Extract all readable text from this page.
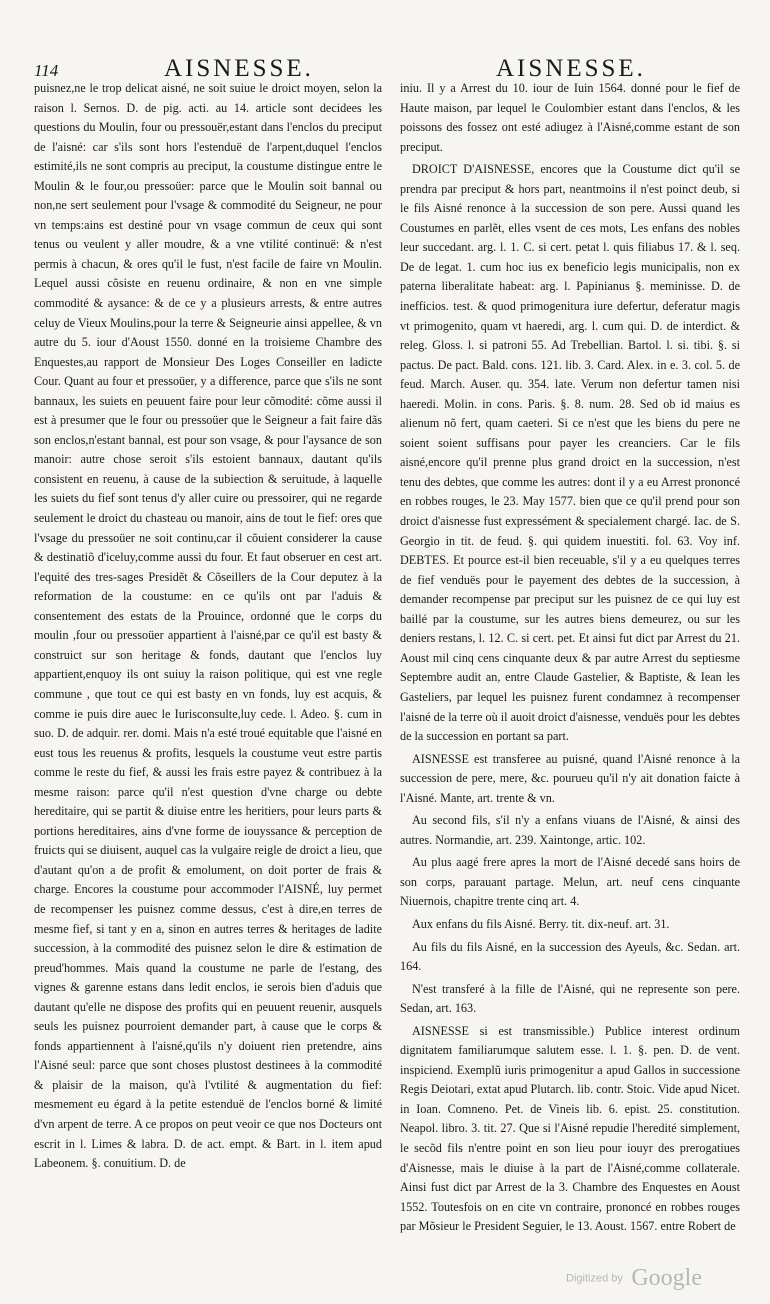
114	AISNESSE.	AISNESSE.

puisnez,ne le trop delicat aisné, ne soit suiue le droict moyen, selon la raison l. Sernos. D. de pig. acti. au 14. article sont decidees les questions du Moulin, four ou pressouër,estant dans l'enclos du preciput de l'aisné: car s'ils sont hors l'estenduë de l'arpent,duquel l'enclos estimité,ils ne sont compris au preciput, la coustume distingue entre le Moulin & le four,ou pressoüer: parce que le Moulin soit bannal ou non,ne sert seulement pour l'vsage & commodité du Seigneur, ne pour vn temps:ains est destiné pour vn vsage commun de ceux qui sont tenus ou veulent y aller moudre, & a vne vtilité continuë: & n'est permis à chacun, & ores qu'il le fust, n'est facile de faire vn Moulin. Lequel aussi cõsiste en reuenu ordinaire, & non en vne simple commodité & aysance: & de ce y a plusieurs arrests, & entre autres celuy de Vieux Moulins,pour la terre & Seigneurie ainsi appellee, & vn autre du 5. iour d'Aoust 1550. donné en la troisieme Chambre des Enquestes,au rapport de Monsieur Des Loges Conseiller en ladicte Cour. Quant au four et pressoüer, y a difference, parce que s'ils ne sont bannaux, les suiets en peuuent faire pour leur cõmodité: cõme aussi il est à presumer que le four ou pressoüer que le Seigneur a fait faire dãs son enclos,n'estant bannal, est pour son vsage, & pour l'aysance de son manoir: autre chose seroit s'ils estoient bannaux, dautant qu'ils consistent en reuenu, à cause de la subiection & seruitude, à laquelle les suiets du fief sont tenus d'y aller cuire ou pressoirer, qui ne regarde seulement le droict du chasteau ou manoir, ains de tout le fief: ores que l'vsage du pressoüer ne soit continu,car il cõuient considerer la cause & destinatiõ d'iceluy,comme aussi du four. Et faut obseruer en cest art. l'equité des tres-sages Presidẽt & Cõseillers de la Cour deputez à la reformation de la coustume: en ce qu'ils ont par l'aduis & consentement des estats de la Prouince, ordonné que le corps du moulin ,four ou pressoüer appartient à l'aisné,par ce qu'il est basty & construict sur son heritage & fonds, dautant que l'enclos luy appartient,enquoy ils ont suiuy la raison politique, qui est vne regle commune , que tout ce qui est basty en vn fonds, luy est acquis, & comme ie puis dire auec le Iurisconsulte,luy cede. l. Adeo. §. cum in suo. D. de adquir. rer. domi. Mais n'a esté troué equitable que l'aisné en eust tous les reuenus & profits, lesquels la coustume veut estre partis comme le reste du fief, & aussi les frais estre payez & contribuez à la mesme raison: parce qu'il n'est question d'vne charge ou debte hereditaire, qui se partit & diuise entre les heritiers, pour leurs parts & portions hereditaires, ains d'vne forme de iouyssance & perception de fruicts qui se diuisent, auquel cas la vulgaire reigle de droict a lieu, que d'autant qu'on a de profit & emolument, on doit porter de frais & charge. Encores la coustume pour accommoder l'AISNÉ, luy permet de recompenser les puisnez comme dessus, c'est à dire,en terres de mesme fief, si tant y en a, sinon en autres terres & heritages de ladite succession, à la commodité des puisnez selon le dire & estimation de preud'hommes. Mais quand la coustume ne parle de l'estang, des vignes & garenne estans dans ledit enclos, ie serois bien d'aduis que dautant qu'elle ne dispose des profits qui en peuuent reuenir, ausquels seuls les puisnez pourroient demander part, à cause que le corps & fonds appartiennent à l'aisné,qu'ils n'y doiuent rien pretendre, ains l'Aisné seul: parce que sont choses plustost destinees à la commodité & plaisir de la maison, qu'à l'vtilité & augmentation du fief: mesmement eu égard à la petite estenduë de l'enclos borné & limité d'vn arpent de terre. A ce propos on peut veoir ce que nos Docteurs ont escrit in l. Limes & labra. D. de act. empt. & Bart. in l. item apud Labeonem. §. conuitium. D. de

iniu. Il y a Arrest du 10. iour de Iuin 1564. donné pour le fief de Haute maison, par lequel le Coulombier estant dans l'enclos, & les poissons des fossez ont esté adiugez à l'Aisné,comme estant de son preciput.

DROICT D'AISNESSE, encores que la Coustume dict qu'il se prendra par preciput & hors part, neantmoins il n'est poinct deub, si le fils Aisné renonce à la succession de son pere. Aussi quand les Coustumes en parlẽt, elles vsent de ces mots, Les enfans des nobles leur succedant. arg. l. 1. C. si cert. petat l. quis filiabus 17. & l. seq. De de legat. 1. cum hoc ius ex beneficio legis municipalis, non ex paterna liberalitate habeat: arg. l. Papinianus §. meminisse. D. de inefficios. test. & quod primogenitura iure defertur, deferatur magis vt primogenito, quam vt haeredi, arg. l. cum qui. D. de interdict. & releg. Gloss. l. si patroni 55. Ad Trebellian. Bartol. l. si. tibi. §. si pactus. De pact. Bald. cons. 121. lib. 3. Card. Alex. in e. 3. col. 5. de feud. March. Auser. qu. 354. late. Verum non defertur tamen nisi haeredi. Molin. in cons. Paris. §. 8. num. 28. Sed ob id maius es alienum nõ fert, quam caeteri. Si ce n'est que les biens du pere ne soient soient suffisans pour payer les creanciers. Car le fils aisné,encore qu'il prenne plus grand droict en la succession, n'est tenu des debtes, que comme les autres: dont il y a eu Arrest prononcé en robbes rouges, le 23. May 1577. bien que ce qu'il prend pour son droict d'aisnesse fust expressément & specialement chargé. Iac. de S. Georgio in tit. de feud. §. qui quidem inuestiti. fol. 63. Voy inf. DEBTES. Et pource est-il bien receuable, s'il y a eu quelques terres de fief venduës pour le payement des debtes de la succession, à demander recompense par preciput sur les puisnez de ce qui luy est baillé par la coustume, sur les autres biens demeurez, ou sur les deniers restans, l. 12. C. si cert. pet. Et ainsi fut dict par Arrest du 21. Aoust mil cinq cens cinquante deux & par autre Arrest du septiesme Septembre audit an, entre Claude Gastelier, & Baptiste, & Iean les Gasteliers, par lequel les puisnez furent condamnez à recompenser l'aisné de la terre où il auoit droict d'aisnesse, venduës pour les debtes de la succession en portant sa part.

AISNESSE est transferee au puisné, quand l'Aisné renonce à la succession de pere, mere, &c. pourueu qu'il n'y ait donation faicte à l'Aisné. Mante, art. trente & vn.

Au second fils, s'il n'y a enfans viuans de l'Aisné, & ainsi des autres. Normandie, art. 239. Xaintonge, artic. 102.

Au plus aagé frere apres la mort de l'Aisné decedé sans hoirs de son corps, parauant partage. Melun, art. neuf cens cinquante Niuernois, chapitre trente cinq art. 4.

Aux enfans du fils Aisné. Berry. tit. dix-neuf. art. 31.

Au fils du fils Aisné, en la succession des Ayeuls, &c. Sedan. art. 164.

N'est transferé à la fille de l'Aisné, qui ne represente son pere. Sedan, art. 163.

AISNESSE si est transmissible.) Publice interest ordinum dignitatem familiarumque salutem esse. l. 1. §. pen. D. de vent. inspiciend. Exemplũ iuris primogenitur a apud Gallos in successione Regis Deiotari, extat apud Plutarch. lib. contr. Stoic. Vide apud Nicet. in Ioan. Comneno. Pet. de Vineis lib. 6. epist. 25. constitution. Neapol. libro. 3. tit. 27. Que si l'Aisné repudie l'heredité simplement, le secõd fils n'entre point en son lieu pour iouyr des prerogatiues d'Aisnesse, mais le diuise à la part de l'Aisné,comme collaterale. Ainsi fust dict par Arrest de la 3. Chambre des Enquestes en Aoust 1552. Toutesfois on en cite vn contraire, prononcé en robbes rouges par Mõsieur le President Seguier, le 13. Aoust. 1567. entre Robert de

Digitized by Google
